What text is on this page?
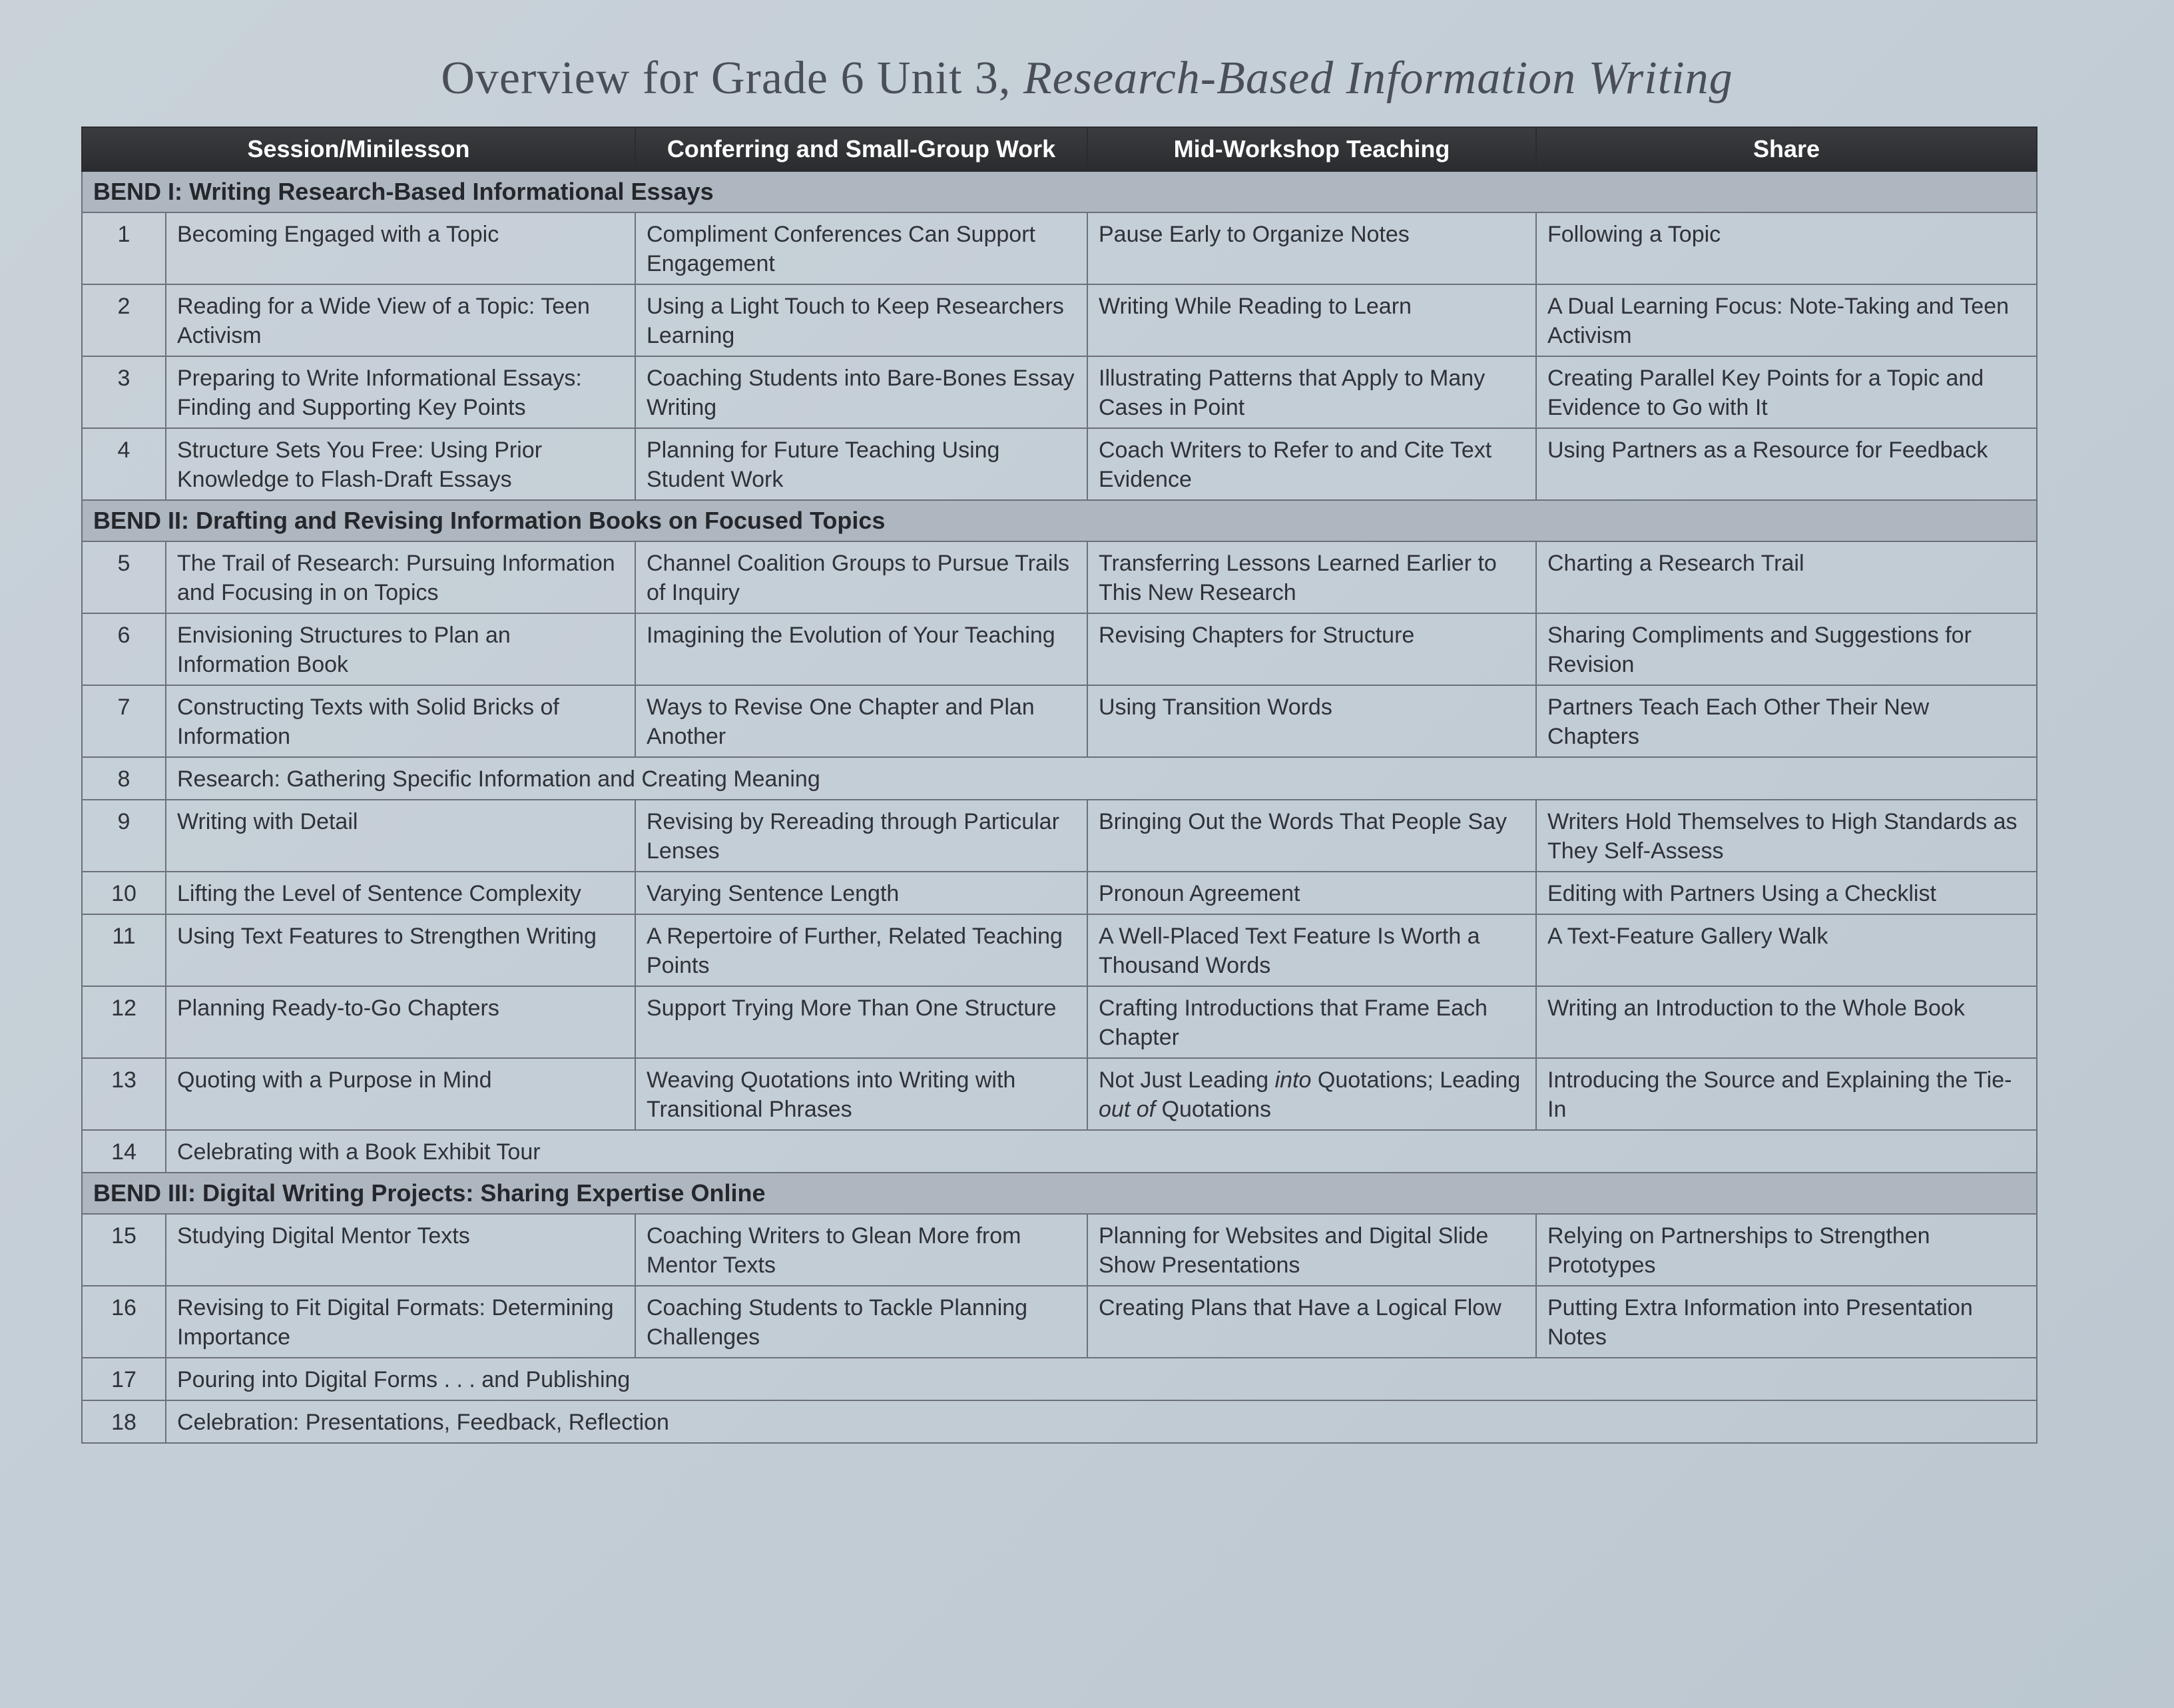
Overview for Grade 6 Unit 3, Research-Based Information Writing
Session/Minilesson		Conferring and Small-Group Work	Mid-Workshop Teaching	Share
BEND I: Writing Research-Based Informational Essays				
1	Becoming Engaged with a Topic	Compliment Conferences Can Support Engagement	Pause Early to Organize Notes	Following a Topic
2	Reading for a Wide View of a Topic: Teen Activism	Using a Light Touch to Keep Researchers Learning	Writing While Reading to Learn	A Dual Learning Focus: Note-Taking and Teen Activism
3	Preparing to Write Informational Essays: Finding and Supporting Key Points	Coaching Students into Bare-Bones Essay Writing	Illustrating Patterns that Apply to Many Cases in Point	Creating Parallel Key Points for a Topic and Evidence to Go with It
4	Structure Sets You Free: Using Prior Knowledge to Flash-Draft Essays	Planning for Future Teaching Using Student Work	Coach Writers to Refer to and Cite Text Evidence	Using Partners as a Resource for Feedback
BEND II: Drafting and Revising Information Books on Focused Topics				
5	The Trail of Research: Pursuing Information and Focusing in on Topics	Channel Coalition Groups to Pursue Trails of Inquiry	Transferring Lessons Learned Earlier to This New Research	Charting a Research Trail
6	Envisioning Structures to Plan an Information Book	Imagining the Evolution of Your Teaching	Revising Chapters for Structure	Sharing Compliments and Suggestions for Revision
7	Constructing Texts with Solid Bricks of Information	Ways to Revise One Chapter and Plan Another	Using Transition Words	Partners Teach Each Other Their New Chapters
8	Research: Gathering Specific Information and Creating Meaning			
9	Writing with Detail	Revising by Rereading through Particular Lenses	Bringing Out the Words That People Say	Writers Hold Themselves to High Standards as They Self-Assess
10	Lifting the Level of Sentence Complexity	Varying Sentence Length	Pronoun Agreement	Editing with Partners Using a Checklist
11	Using Text Features to Strengthen Writing	A Repertoire of Further, Related Teaching Points	A Well-Placed Text Feature Is Worth a Thousand Words	A Text-Feature Gallery Walk
12	Planning Ready-to-Go Chapters	Support Trying More Than One Structure	Crafting Introductions that Frame Each Chapter	Writing an Introduction to the Whole Book
13	Quoting with a Purpose in Mind	Weaving Quotations into Writing with Transitional Phrases	Not Just Leading into Quotations; Leading out of Quotations	Introducing the Source and Explaining the Tie-In
14	Celebrating with a Book Exhibit Tour			
BEND III: Digital Writing Projects: Sharing Expertise Online				
15	Studying Digital Mentor Texts	Coaching Writers to Glean More from Mentor Texts	Planning for Websites and Digital Slide Show Presentations	Relying on Partnerships to Strengthen Prototypes
16	Revising to Fit Digital Formats: Determining Importance	Coaching Students to Tackle Planning Challenges	Creating Plans that Have a Logical Flow	Putting Extra Information into Presentation Notes
17	Pouring into Digital Forms . . . and Publishing			
18	Celebration: Presentations, Feedback, Reflection			
